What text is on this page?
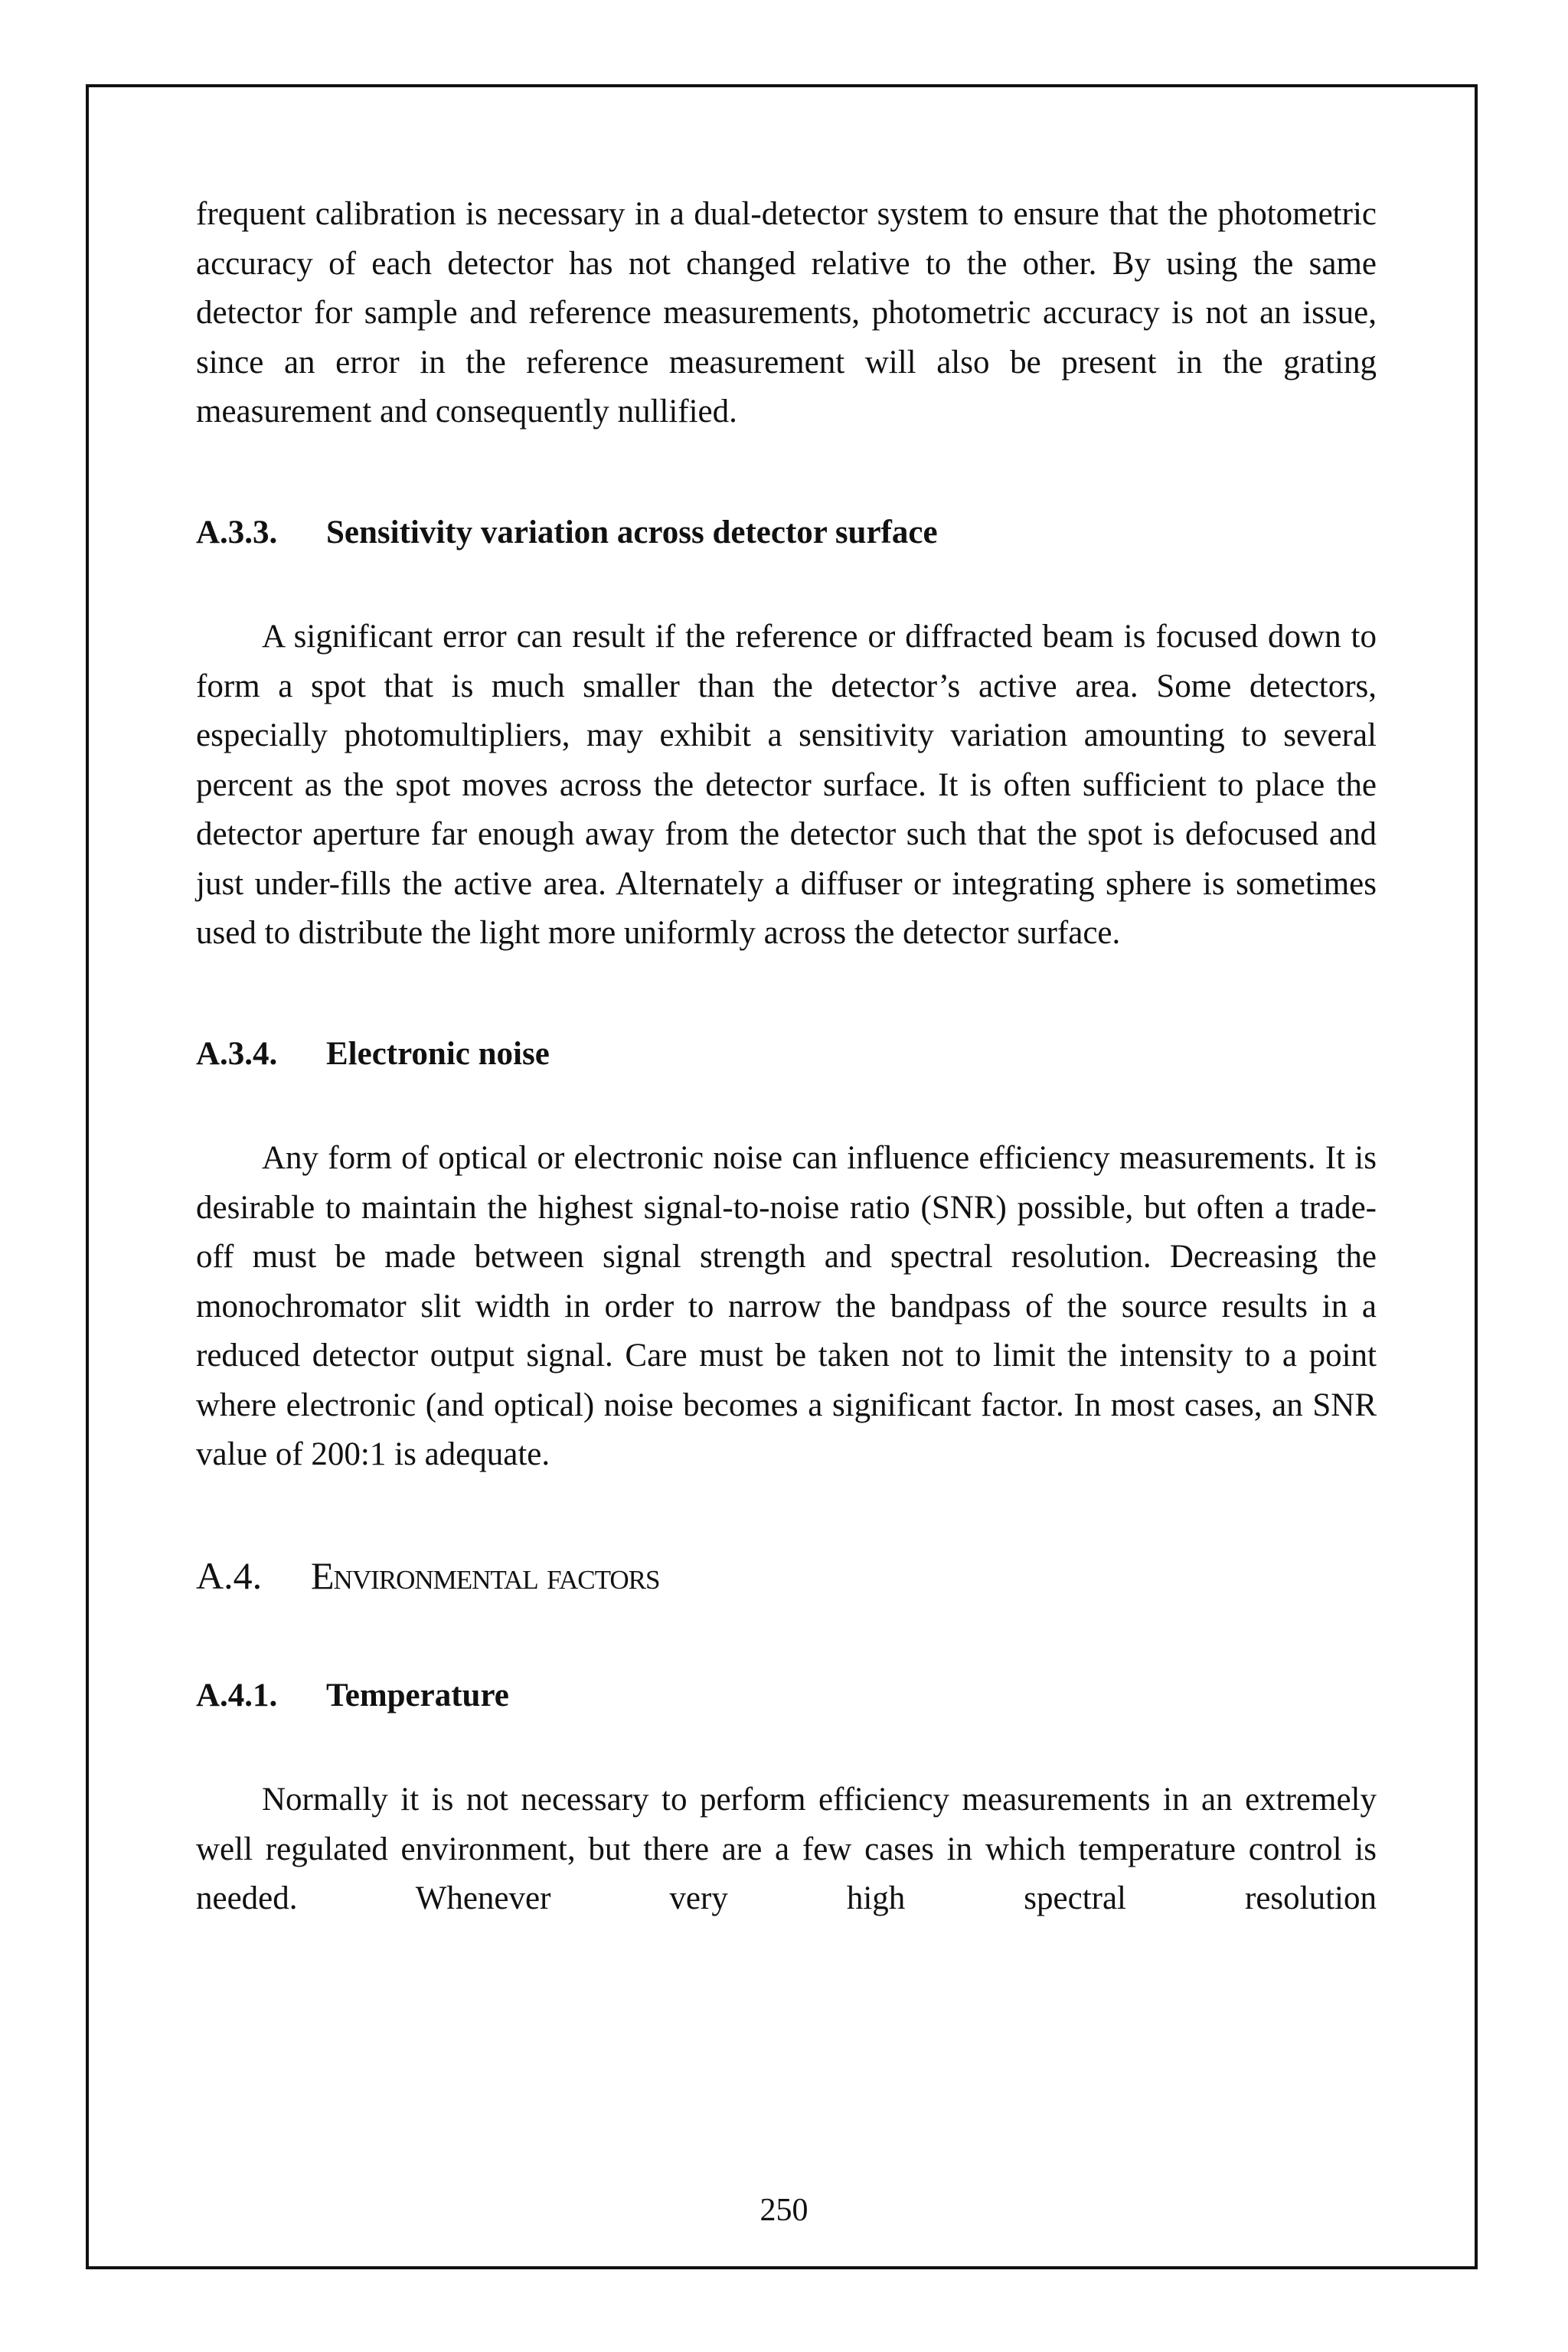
frequent calibration is necessary in a dual-detector system to ensure that the photometric accuracy of each detector has not changed relative to the other. By using the same detector for sample and reference measurements, photometric accuracy is not an issue, since an error in the reference measurement will also be present in the grating measurement and consequently nullified.

A.3.3.	Sensitivity variation across detector surface

A significant error can result if the reference or diffracted beam is focused down to form a spot that is much smaller than the detector’s active area. Some detectors, especially photomultipliers, may exhibit a sensitivity variation amounting to several percent as the spot moves across the detector surface. It is often sufficient to place the detector aperture far enough away from the detector such that the spot is defocused and just under-fills the active area. Alternately a diffuser or integrating sphere is sometimes used to distribute the light more uniformly across the detector surface.

A.3.4.	Electronic noise

Any form of optical or electronic noise can influence efficiency measurements. It is desirable to maintain the highest signal-to-noise ratio (SNR) possible, but often a trade-off must be made between signal strength and spectral resolution. Decreasing the monochromator slit width in order to narrow the bandpass of the source results in a reduced detector output signal. Care must be taken not to limit the intensity to a point where electronic (and optical) noise becomes a significant factor. In most cases, an SNR value of 200:1 is adequate.

A.4.	Environmental factors
A.4.1.	Temperature

Normally it is not necessary to perform efficiency measurements in an extremely well regulated environment, but there are a few cases in which temperature control is needed. Whenever very high spectral resolution

250
